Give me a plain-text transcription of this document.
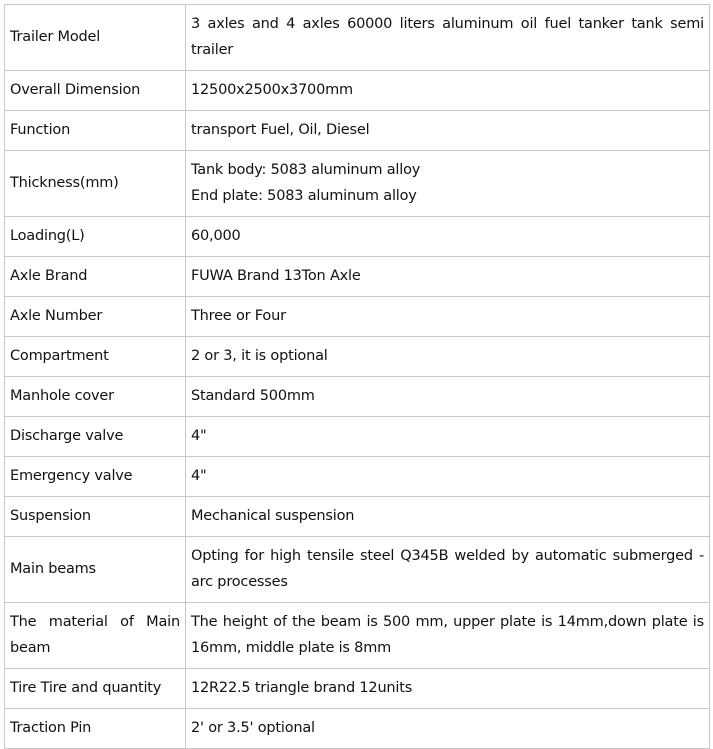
Trailer Model	3 axles and 4 axles 60000 liters aluminum oil fuel tanker tank semi trailer

Overall Dimension	12500x2500x3700mm

Function	transport Fuel, Oil, Diesel

Thickness(mm)	Tank body: 5083 aluminum alloy
End plate: 5083 aluminum alloy

Loading(L)	60,000

Axle Brand	FUWA Brand 13Ton Axle

Axle Number	Three or Four

Compartment	2 or 3, it is optional

Manhole cover	Standard 500mm

Discharge valve	4"

Emergency valve	4"

Suspension	Mechanical suspension

Main beams	Opting for high tensile steel Q345B welded by automatic submerged -arc processes

The material of Main beam	The height of the beam is 500 mm, upper plate is 14mm,down plate is 16mm, middle plate is 8mm

Tire Tire and quantity	12R22.5 triangle brand 12units

Traction Pin	2' or 3.5' optional
